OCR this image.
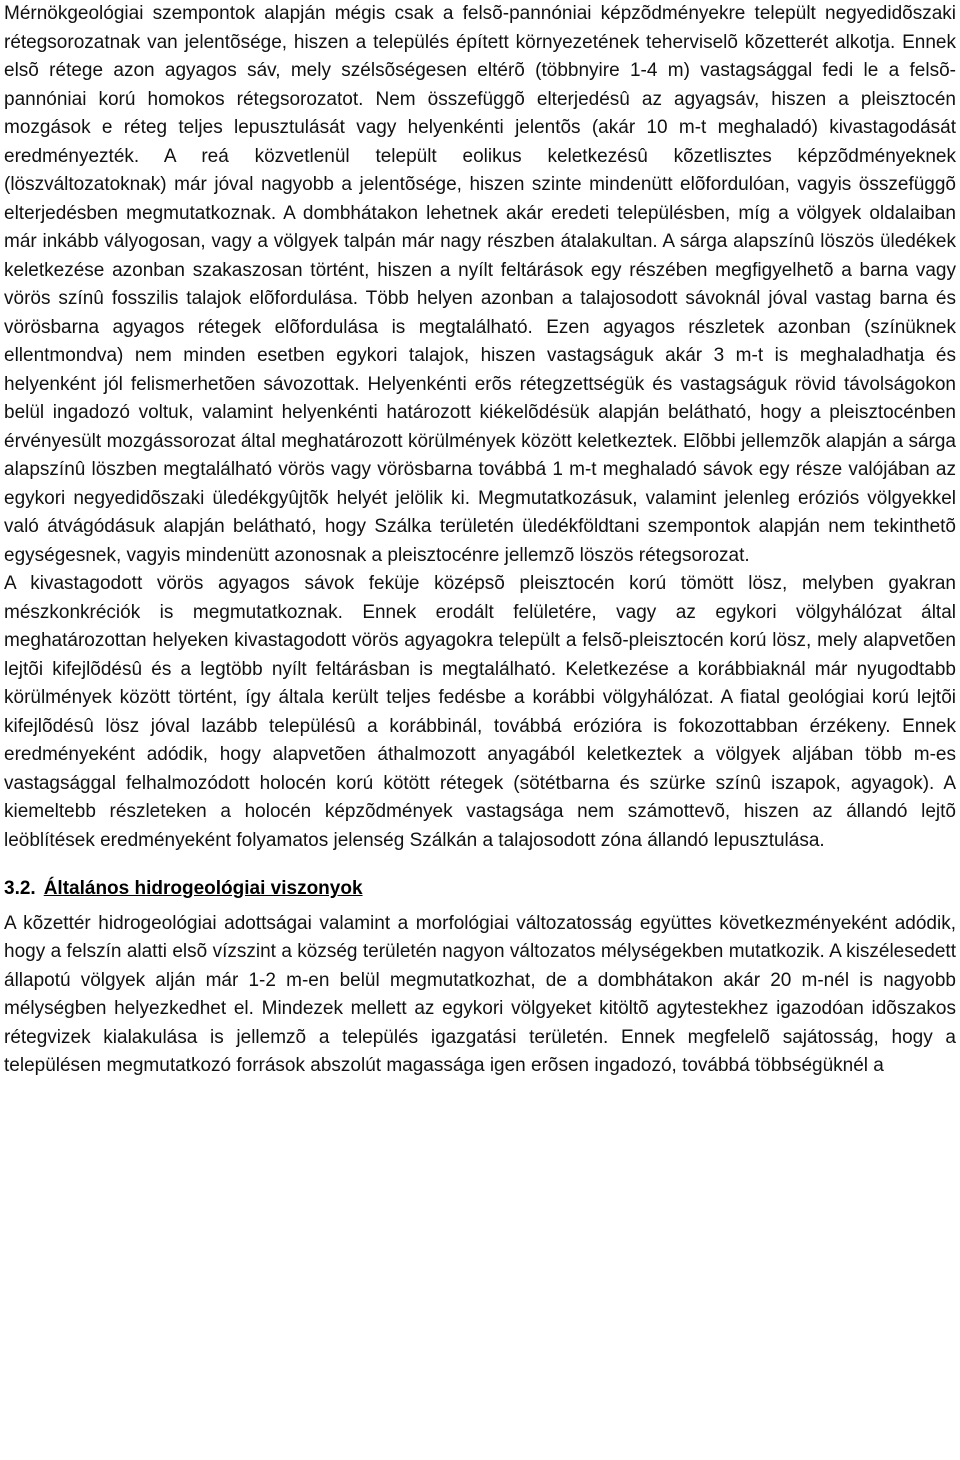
Mérnökgeológiai szempontok alapján mégis csak a felsõ-pannóniai képzõdményekre települt negyedidõszaki rétegsorozatnak van jelentõsége, hiszen a település épített környezetének teherviselõ kõzetterét alkotja. Ennek elsõ rétege azon agyagos sáv, mely szélsõségesen eltérõ (többnyire 1-4 m) vastagsággal fedi le a felsõ-pannóniai korú homokos rétegsorozatot. Nem összefüggõ elterjedésû az agyagsáv, hiszen a pleisztocén mozgások e réteg teljes lepusztulását vagy helyenkénti jelentõs (akár 10 m-t meghaladó) kivastagodását eredményezték. A reá közvetlenül települt eolikus keletkezésû kõzetlisztes képzõdményeknek (löszváltozatoknak) már jóval nagyobb a jelentõsége, hiszen szinte mindenütt elõfordulóan, vagyis összefüggõ elterjedésben megmutatkoznak. A dombhátakon lehetnek akár eredeti településben, míg a völgyek oldalaiban már inkább vályogosan, vagy a völgyek talpán már nagy részben átalakultan. A sárga alapszínû löszös üledékek keletkezése azonban szakaszosan történt, hiszen a nyílt feltárások egy részében megfigyelhetõ a barna vagy vörös színû fosszilis talajok elõfordulása. Több helyen azonban a talajosodott sávoknál jóval vastag barna és vörösbarna agyagos rétegek elõfordulása is megtalálható. Ezen agyagos részletek azonban (színüknek ellentmondva) nem minden esetben egykori talajok, hiszen vastagságuk akár 3 m-t is meghaladhatja és helyenként jól felismerhetõen sávozottak. Helyenkénti erõs rétegzettségük és vastagságuk rövid távolságokon belül ingadozó voltuk, valamint helyenkénti határozott kiékelõdésük alapján belátható, hogy a pleisztocénben érvényesült mozgássorozat által meghatározott körülmények között keletkeztek. Elõbbi jellemzõk alapján a sárga alapszínû löszben megtalálható vörös vagy vörösbarna továbbá 1 m-t meghaladó sávok egy része valójában az egykori negyedidõszaki üledékgyûjtõk helyét jelölik ki. Megmutatkozásuk, valamint jelenleg eróziós völgyekkel való átvágódásuk alapján belátható, hogy Szálka területén üledékföldtani szempontok alapján nem tekinthetõ egységesnek, vagyis mindenütt azonosnak a pleisztocénre jellemzõ löszös rétegsorozat.

A kivastagodott vörös agyagos sávok feküje középsõ pleisztocén korú tömött lösz, melyben gyakran mészkonkréciók is megmutatkoznak. Ennek erodált felületére, vagy az egykori völgyhálózat által meghatározottan helyeken kivastagodott vörös agyagokra települt a felsõ-pleisztocén korú lösz, mely alapvetõen lejtõi kifejlõdésû és a legtöbb nyílt feltárásban is megtalálható. Keletkezése a korábbiaknál már nyugodtabb körülmények között történt, így általa került teljes fedésbe a korábbi völgyhálózat. A fiatal geológiai korú lejtõi kifejlõdésû lösz jóval lazább településû a korábbinál, továbbá erózióra is fokozottabban érzékeny. Ennek eredményeként adódik, hogy alapvetõen áthalmozott anyagából keletkeztek a völgyek aljában több m-es vastagsággal felhalmozódott holocén korú kötött rétegek (sötétbarna és szürke színû iszapok, agyagok). A kiemeltebb részleteken a holocén képzõdmények vastagsága nem számottevõ, hiszen az állandó lejtõ leöblítések eredményeként folyamatos jelenség Szálkán a talajosodott zóna állandó lepusztulása.

3.2. Általános hidrogeológiai viszonyok

A kõzettér hidrogeológiai adottságai valamint a morfológiai változatosság együttes következményeként adódik, hogy a felszín alatti elsõ vízszint a község területén nagyon változatos mélységekben mutatkozik. A kiszélesedett állapotú völgyek alján már 1-2 m-en belül megmutatkozhat, de a dombhátakon akár 20 m-nél is nagyobb mélységben helyezkedhet el. Mindezek mellett az egykori völgyeket kitöltõ agytestekhez igazodóan idõszakos rétegvizek kialakulása is jellemzõ a település igazgatási területén. Ennek megfelelõ sajátosság, hogy a településen megmutatkozó források abszolút magassága igen erõsen ingadozó, továbbá többségüknél a
